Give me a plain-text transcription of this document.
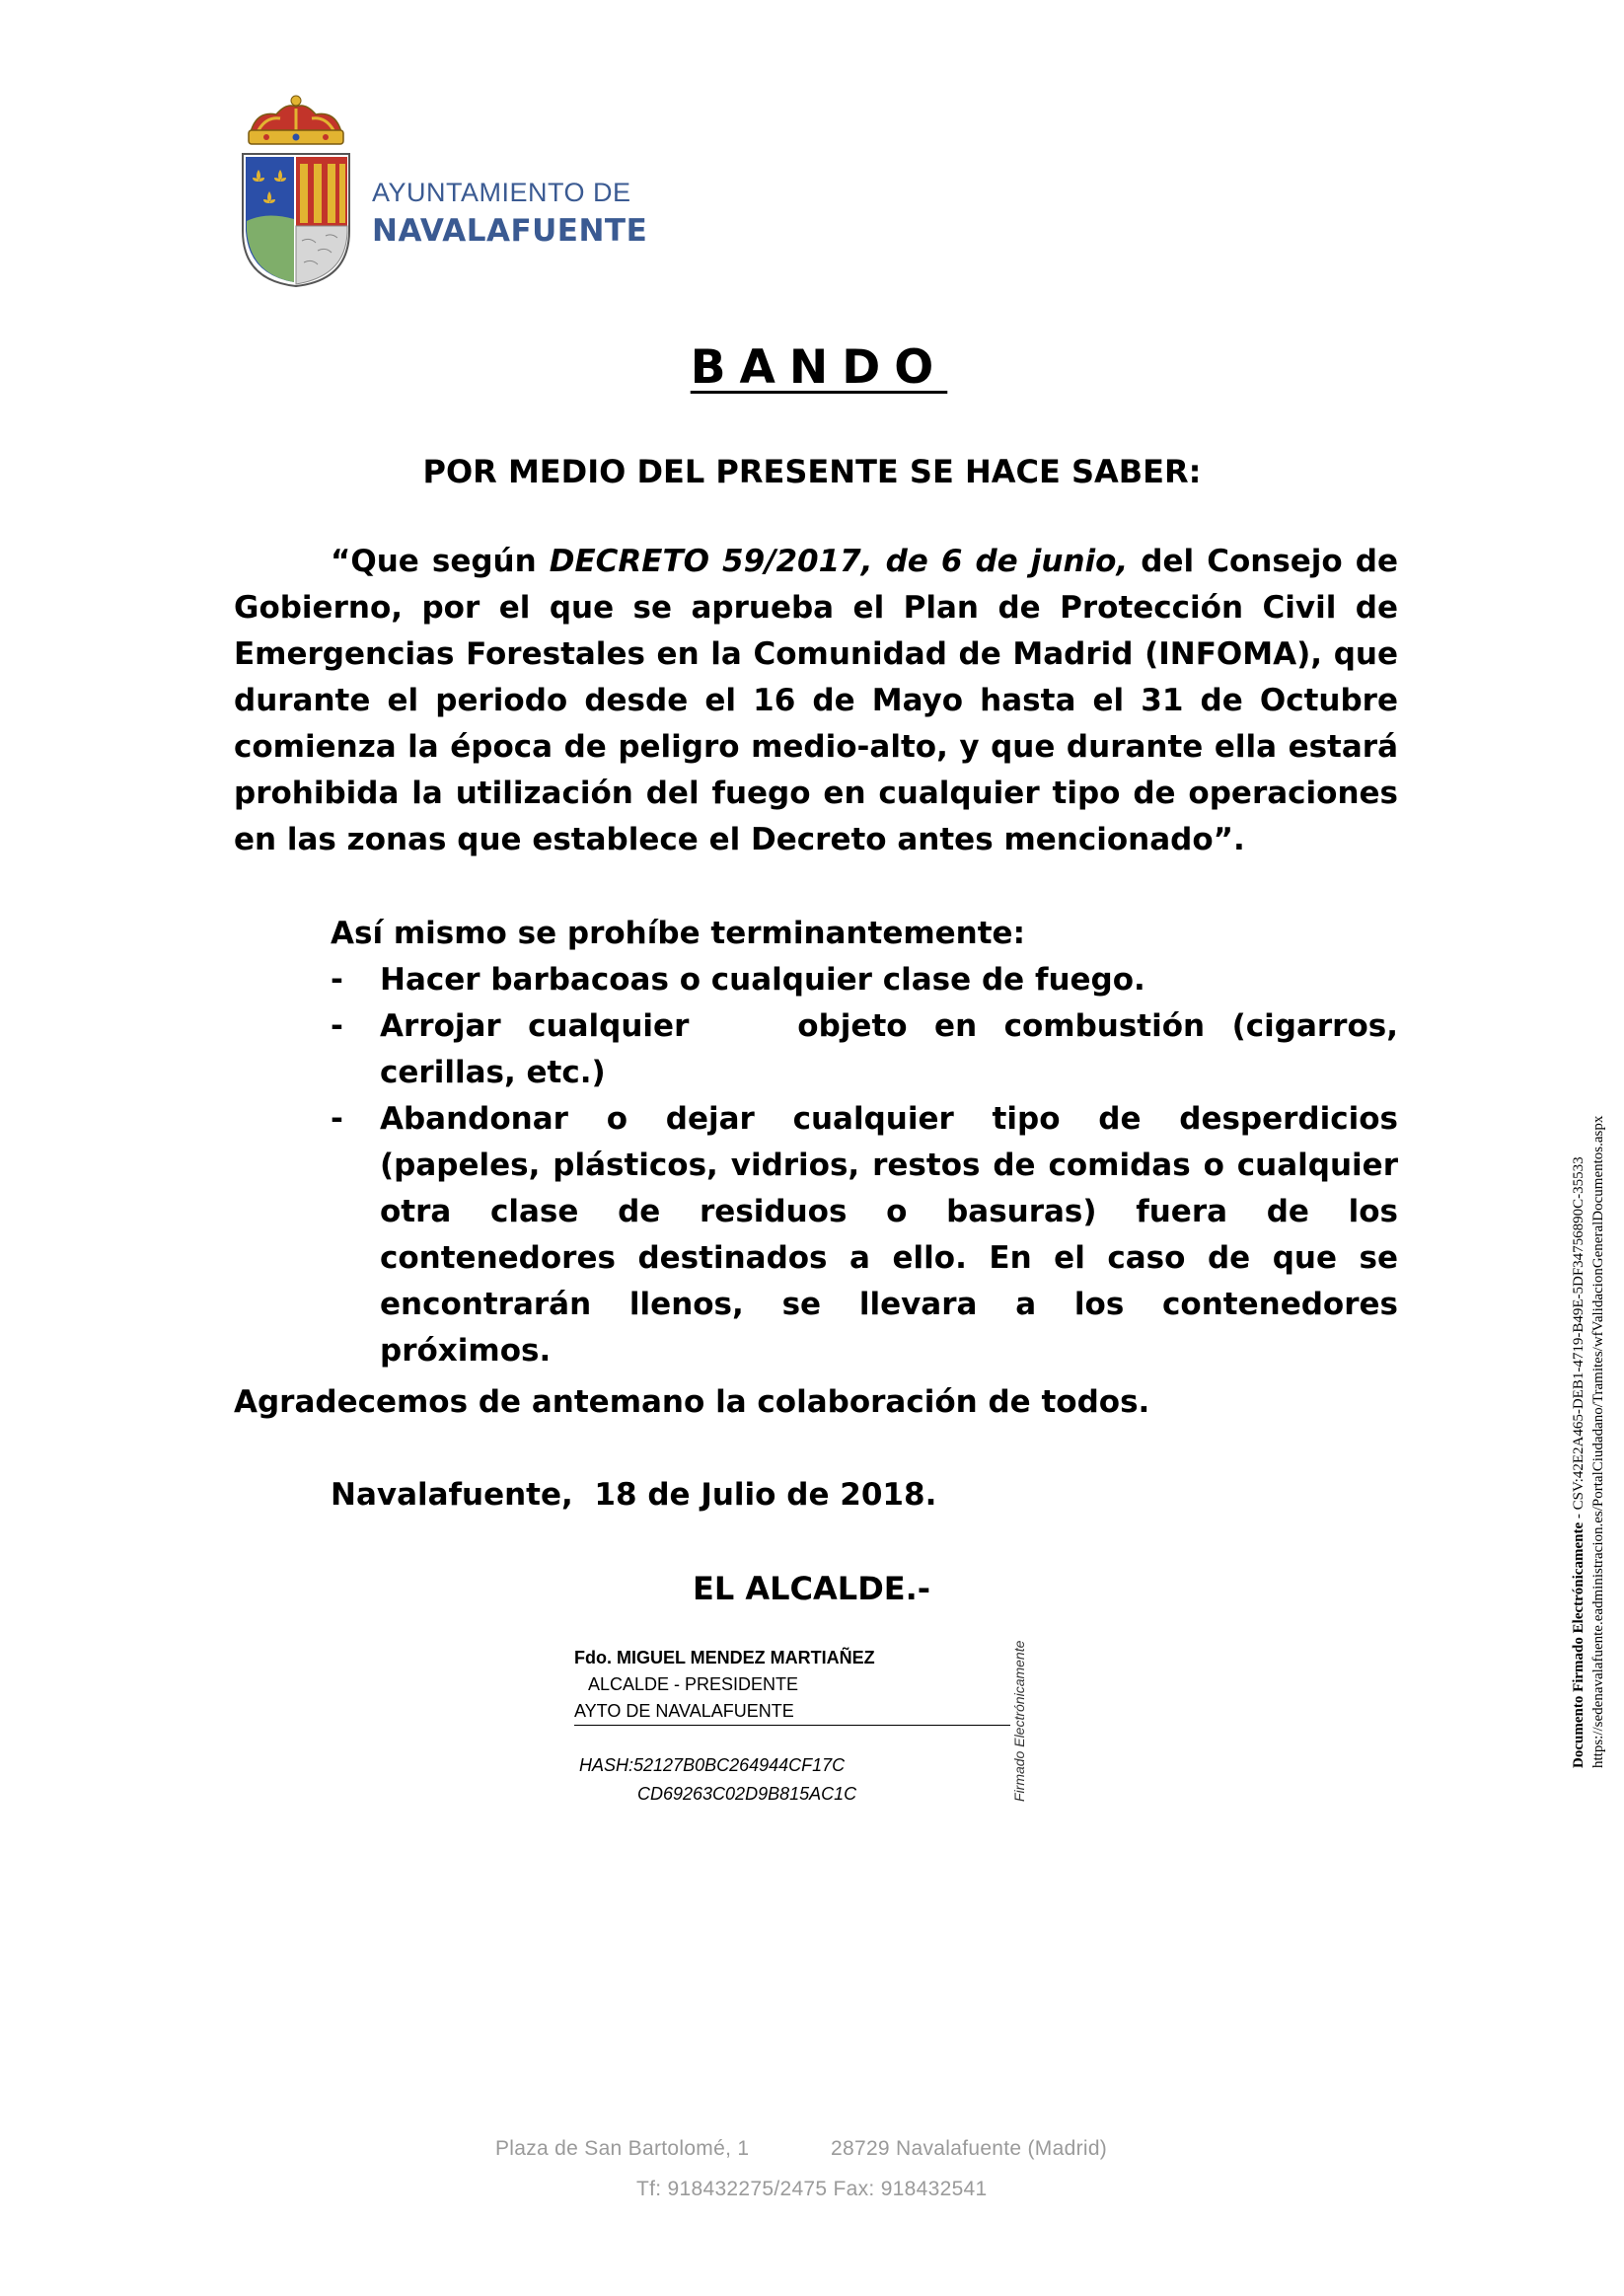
AYUNTAMIENTO DE
NAVALAFUENTE
BANDO
POR MEDIO DEL PRESENTE SE HACE SABER:
“Que según DECRETO 59/2017, de 6 de junio, del Consejo de Gobierno, por el que se aprueba el Plan de Protección Civil de Emergencias Forestales en la Comunidad de Madrid (INFOMA), que durante el periodo desde el 16 de Mayo hasta el 31 de Octubre comienza la época de peligro medio-alto, y que durante ella estará prohibida la utilización del fuego en cualquier tipo de operaciones en las zonas que establece el Decreto antes mencionado”.
Así mismo se prohíbe terminantemente:
- Hacer barbacoas o cualquier clase de fuego.
- Arrojar cualquier    objeto en combustión (cigarros, cerillas, etc.)
- Abandonar o dejar cualquier tipo de desperdicios (papeles, plásticos, vidrios, restos de comidas o cualquier otra clase de residuos o basuras) fuera de los contenedores destinados a ello. En el caso de que se encontrarán llenos, se llevara a los contenedores próximos.
Agradecemos de antemano la colaboración de todos.
Navalafuente,  18 de Julio de 2018.
EL ALCALDE.-
Fdo. MIGUEL MENDEZ MARTIAÑEZ
ALCALDE - PRESIDENTE
AYTO DE NAVALAFUENTE
HASH:52127B0BC264944CF17C
CD69263C02D9B815AC1C	Firmado Electrónicamente	Documento Firmado Electrónicamente - CSV:42E2A465-DEB1-4719-B49E-5DF34756890C-35533 https://sedenavalafuente.eadministracion.es/PortalCiudadano/Tramites/wfValidacionGeneralDocumentos.aspx
Plaza de San Bartolomé, 1	28729 Navalafuente (Madrid)
Tf: 918432275/2475 Fax: 918432541
